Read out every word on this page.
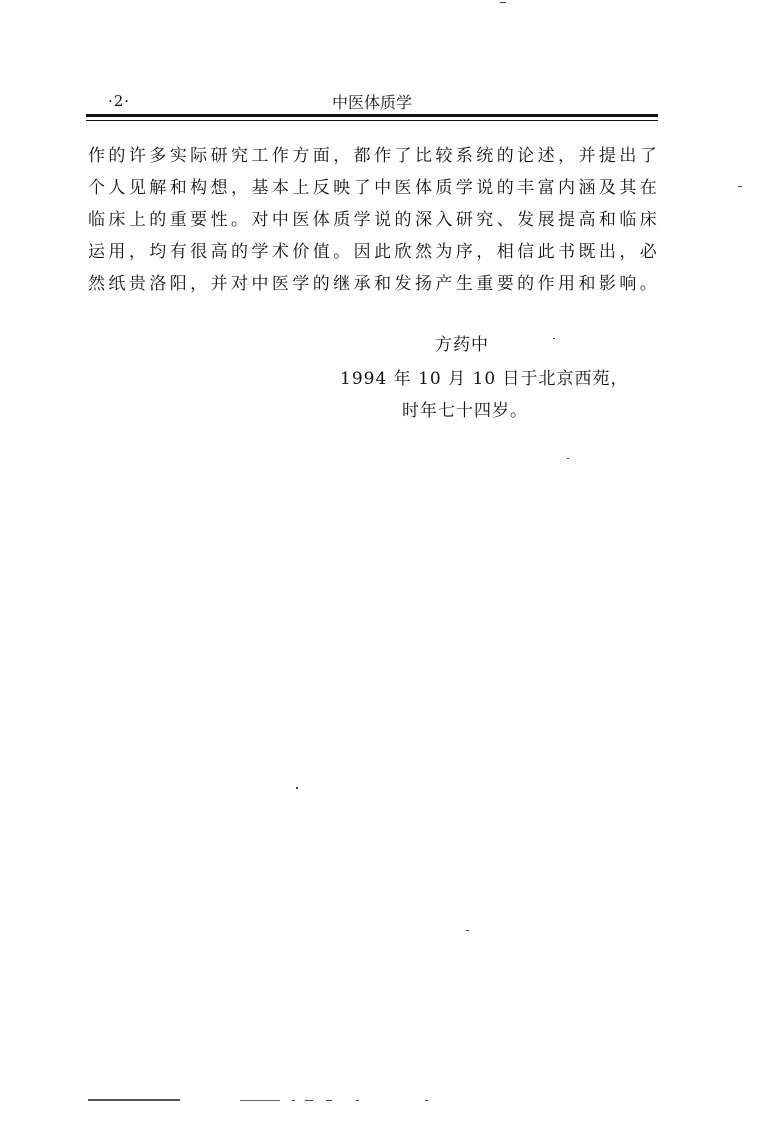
·2·	中医体质学
作的许多实际研究工作方面，都作了比较系统的论述，并提出了
个人见解和构想，基本上反映了中医体质学说的丰富内涵及其在
临床上的重要性。对中医体质学说的深入研究、发展提高和临床
运用，均有很高的学术价值。因此欣然为序，相信此书既出，必
然纸贵洛阳，并对中医学的继承和发扬产生重要的作用和影响。
方药中
1994 年 10 月 10 日于北京西苑，
时年七十四岁。
